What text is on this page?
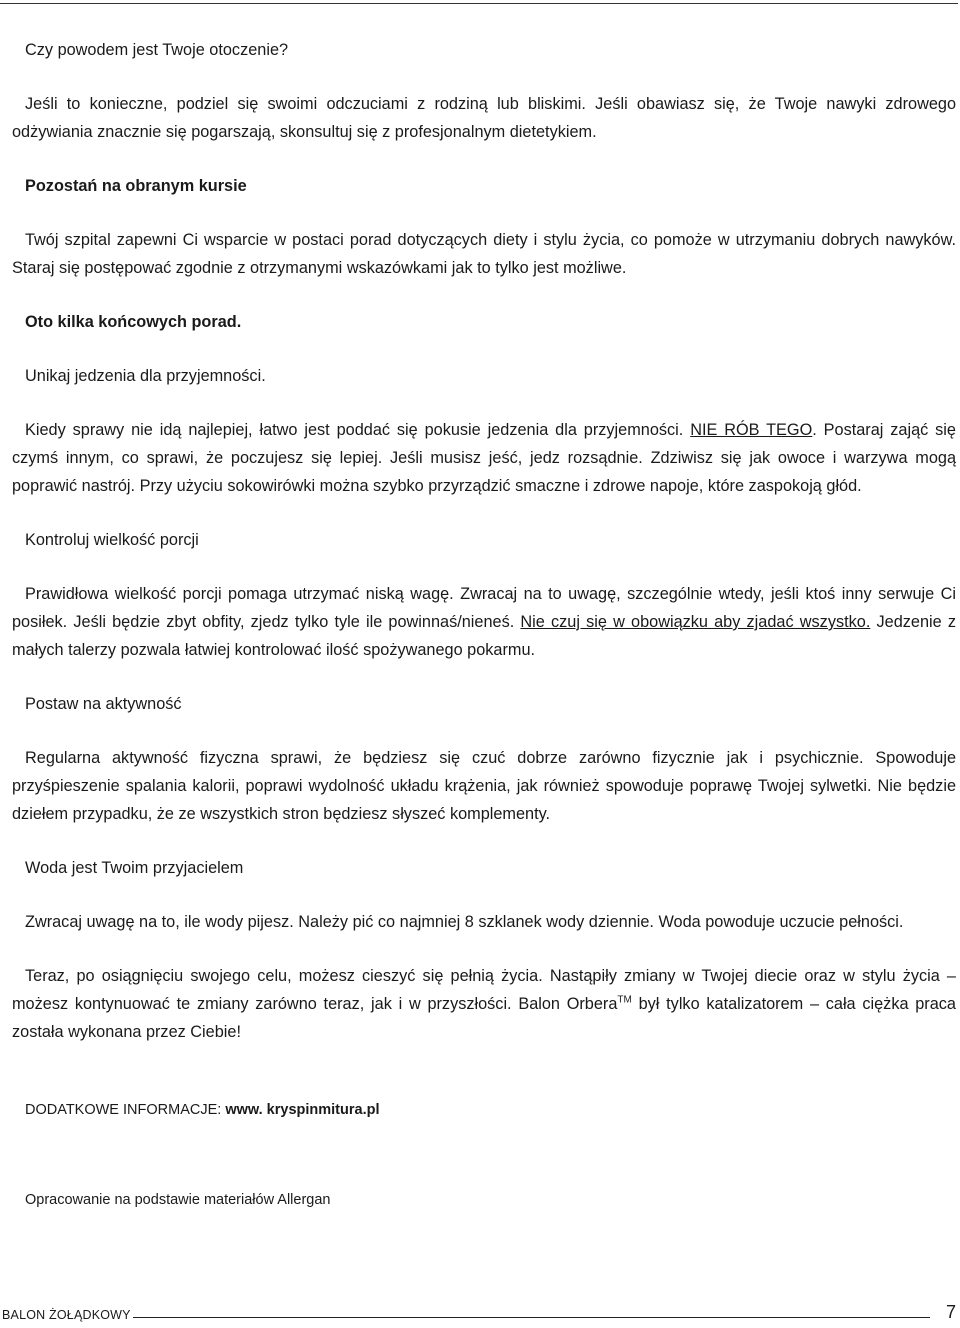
Czy powodem jest Twoje otoczenie?

Jeśli to konieczne, podziel się swoimi odczuciami z rodziną lub bliskimi. Jeśli obawiasz się, że Twoje nawyki zdrowego odżywiania znacznie się pogarszają, skonsultuj się z profesjonalnym dietetykiem.

Pozostań na obranym kursie

Twój szpital zapewni Ci wsparcie w postaci porad dotyczących diety i stylu życia, co pomoże w utrzymaniu dobrych nawyków. Staraj się postępować zgodnie z otrzymanymi wskazówkami jak to tylko jest możliwe.

Oto kilka końcowych porad.

Unikaj jedzenia dla przyjemności.

Kiedy sprawy nie idą najlepiej, łatwo jest poddać się pokusie jedzenia dla przyjemności. NIE RÓB TEGO. Postaraj zająć się czymś innym, co sprawi, że poczujesz się lepiej. Jeśli musisz jeść, jedz rozsądnie. Zdziwisz się jak owoce i warzywa mogą poprawić nastrój. Przy użyciu sokowirówki można szybko przyrządzić smaczne i zdrowe napoje, które zaspokoją głód.

Kontroluj wielkość porcji

Prawidłowa wielkość porcji pomaga utrzymać niską wagę. Zwracaj na to uwagę, szczególnie wtedy, jeśli ktoś inny serwuje Ci posiłek. Jeśli będzie zbyt obfity, zjedz tylko tyle ile powinnaś/nieneś. Nie czuj się w obowiązku aby zjadać wszystko. Jedzenie z małych talerzy pozwala łatwiej kontrolować ilość spożywanego pokarmu.

Postaw na aktywność

Regularna aktywność fizyczna sprawi, że będziesz się czuć dobrze zarówno fizycznie jak i psychicznie. Spowoduje przyśpieszenie spalania kalorii, poprawi wydolność układu krążenia, jak również spowoduje poprawę Twojej sylwetki. Nie będzie dziełem przypadku, że ze wszystkich stron będziesz słyszeć komplementy.

Woda jest Twoim przyjacielem

Zwracaj uwagę na to, ile wody pijesz. Należy pić co najmniej 8 szklanek wody dziennie. Woda powoduje uczucie pełności.

Teraz, po osiągnięciu swojego celu, możesz cieszyć się pełnią życia. Nastąpiły zmiany w Twojej diecie oraz w stylu życia – możesz kontynuować te zmiany zarówno teraz, jak i w przyszłości. Balon Orbera™ był tylko katalizatorem – cała ciężka praca została wykonana przez Ciebie!

DODATKOWE INFORMACJE: www. kryspinmitura.pl

Opracowanie na podstawie materiałów Allergan

BALON ŻOŁĄDKOWY	7
